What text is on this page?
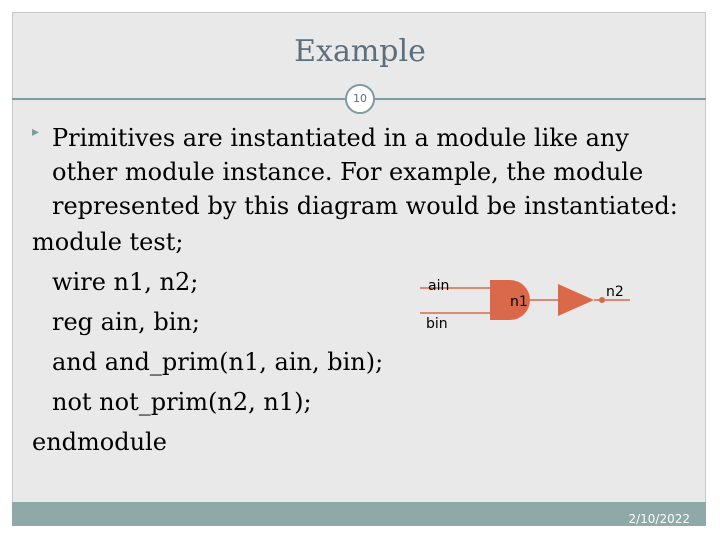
Example
10
▸ Primitives are instantiated in a module like any
other module instance. For example, the module
represented by this diagram would be instantiated:
module test;
wire n1, n2;
reg ain, bin;
and and_prim(n1, ain, bin);
not not_prim(n2, n1);
endmodule
ain
bin
n1
n2
2/10/2022
